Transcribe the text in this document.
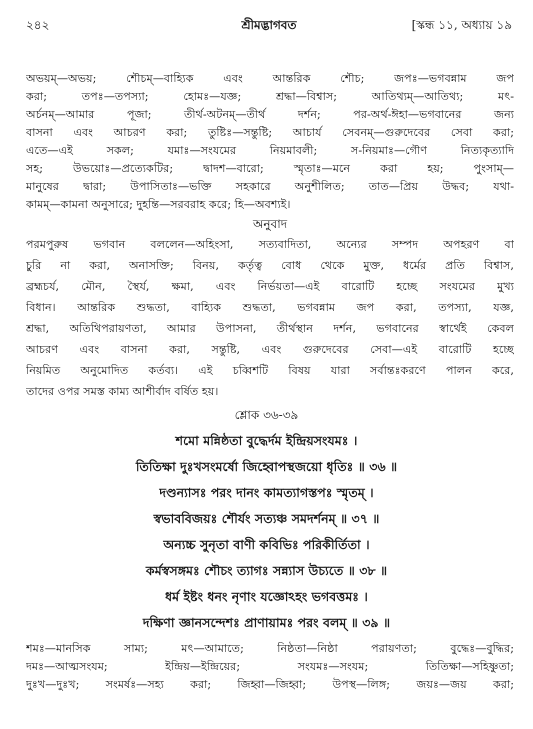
২৪২	শ্রীমদ্ভাগবত	[স্কন্ধ ১১, অধ্যায় ১৯
অভয়ম্—অভয়; শৌচম্—বাহ্যিক এবং আন্তরিক শৌচ; জপঃ—ভগবন্নাম জপ
করা; তপঃ—তপস্যা; হোমঃ—যজ্ঞ; শ্রদ্ধা—বিশ্বাস; আতিথ্যম্—আতিথ্য; মৎ-
অর্চনম্—আমার পূজা; তীর্থ-অটনম্—তীর্থ দর্শন; পর-অর্থ-ঈহা—ভগবানের জন্য
বাসনা এবং আচরণ করা; তুষ্টিঃ—সন্তুষ্টি; আচার্য সেবনম্—গুরুদেবের সেবা করা;
এতে—এই সকল; যমাঃ—সংযমের নিয়মাবলী; স-নিয়মাঃ—গৌণ নিত্যকৃত্যাদি
সহ; উভয়োঃ—প্রত্যেকটির; দ্বাদশ—বারো; স্মৃতাঃ—মনে করা হয়; পুংসাম্—
মানুষের দ্বারা; উপাসিতাঃ—ভক্তি সহকারে অনুশীলিত; তাত—প্রিয় উদ্ধব; যথা-
কামম্—কামনা অনুসারে; দুহন্তি—সরবরাহ করে; হি—অবশ্যই।
অনুবাদ
পরমপুরুষ ভগবান বললেন—অহিংসা, সত্যবাদিতা, অন্যের সম্পদ অপহরণ বা
চুরি না করা, অনাসক্তি; বিনয়, কর্তৃত্ব বোধ থেকে মুক্ত, ধর্মের প্রতি বিশ্বাস,
ব্রহ্মচর্য, মৌন, স্থৈর্য, ক্ষমা, এবং নির্ভয়তা—এই বারোটি হচ্ছে সংযমের মুখ্য
বিধান। আন্তরিক শুদ্ধতা, বাহ্যিক শুদ্ধতা, ভগবন্নাম জপ করা, তপস্যা, যজ্ঞ,
শ্রদ্ধা, অতিথিপরায়ণতা, আমার উপাসনা, তীর্থস্থান দর্শন, ভগবানের স্বার্থেই কেবল
আচরণ এবং বাসনা করা, সন্তুষ্টি, এবং গুরুদেবের সেবা—এই বারোটি হচ্ছে
নিয়মিত অনুমোদিত কর্তব্য। এই চব্বিশটি বিষয় যারা সর্বান্তঃকরণে পালন করে,
তাদের ওপর সমস্ত কাম্য আশীর্বাদ বর্ষিত হয়।
শ্লোক ৩৬-৩৯
শমো মন্নিষ্ঠতা বুদ্ধের্দম ইন্দ্রিয়সংযমঃ ।
তিতিক্ষা দুঃখসংমর্ষো জিহ্বোপস্থজয়ো ধৃতিঃ ॥ ৩৬ ॥
দণ্ডন্যাসঃ পরং দানং কামত্যাগস্তপঃ স্মৃতম্ ।
স্বভাববিজয়ঃ শৌর্যং সত্যঞ্চ সমদর্শনম্ ॥ ৩৭ ॥
অন্যচ্চ সুনৃতা বাণী কবিভিঃ পরিকীর্তিতা ।
কর্মস্বসঙ্গমঃ শৌচং ত্যাগঃ সন্ন্যাস উচ্যতে ॥ ৩৮ ॥
ধর্ম ইষ্টং ধনং নৃণাং যজ্ঞোঽহং ভগবত্তমঃ ।
দক্ষিণা জ্ঞানসন্দেশঃ প্রাণায়ামঃ পরং বলম্ ॥ ৩৯ ॥
শমঃ—মানসিক সাম্য; মৎ—আমাতে; নিষ্ঠতা—নিষ্ঠা পরায়ণতা; বুদ্ধেঃ—বুদ্ধির;
দমঃ—আত্মসংযম; ইন্দ্রিয়—ইন্দ্রিয়ের; সংযমঃ—সংযম; তিতিক্ষা—সহিষ্ণুতা;
দুঃখ—দুঃখ; সংমর্ষঃ—সহ্য করা; জিহ্বা—জিহ্বা; উপস্থ—লিঙ্গ; জয়ঃ—জয় করা;
